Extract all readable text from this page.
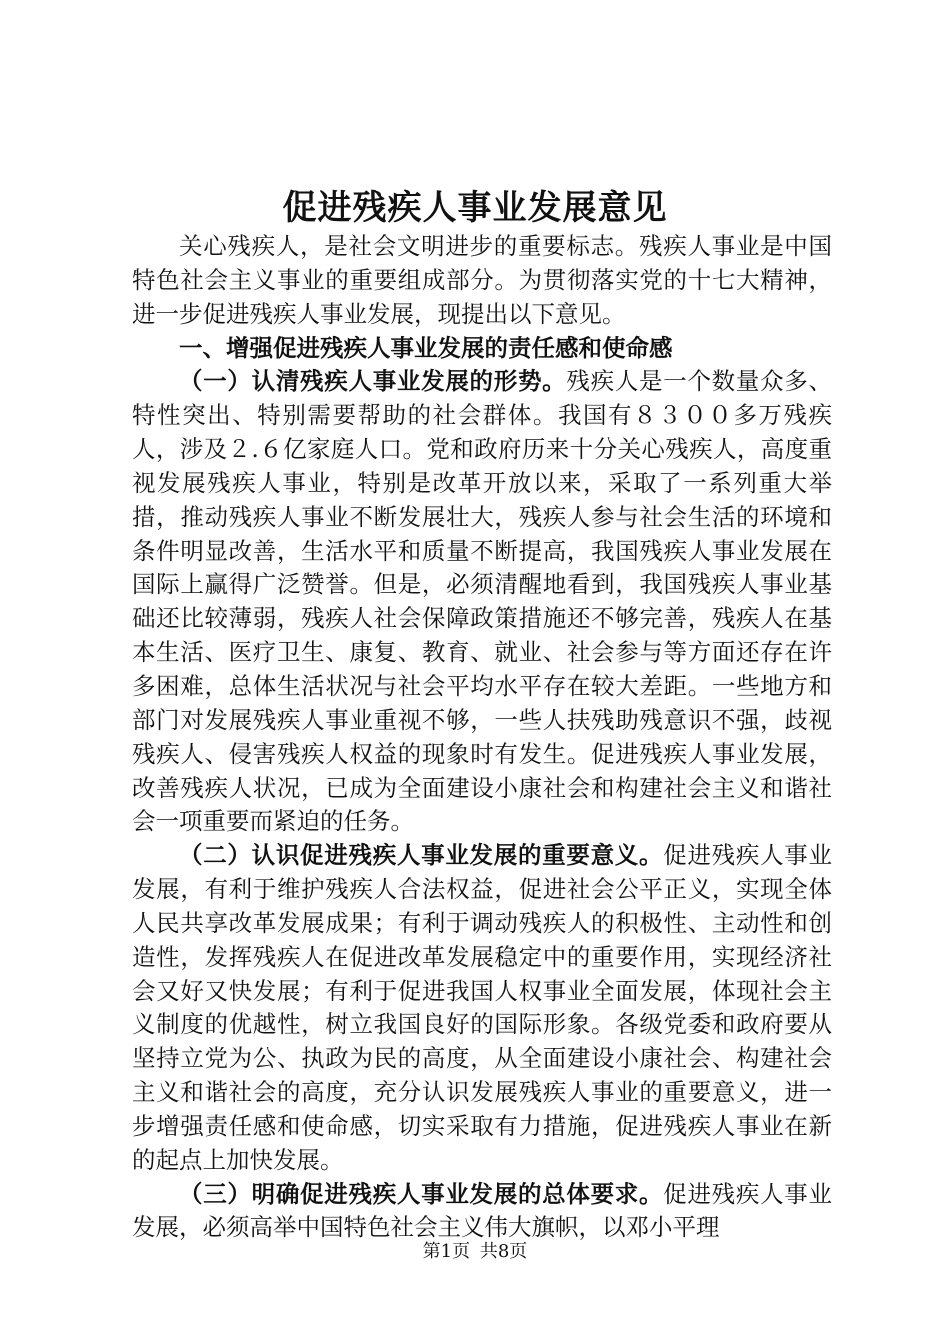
促进残疾人事业发展意见

关心残疾人，是社会文明进步的重要标志。残疾人事业是中国特色社会主义事业的重要组成部分。为贯彻落实党的十七大精神，进一步促进残疾人事业发展，现提出以下意见。

一、增强促进残疾人事业发展的责任感和使命感

（一）认清残疾人事业发展的形势。残疾人是一个数量众多、特性突出、特别需要帮助的社会群体。我国有８３００多万残疾人，涉及２.６亿家庭人口。党和政府历来十分关心残疾人，高度重视发展残疾人事业，特别是改革开放以来，采取了一系列重大举措，推动残疾人事业不断发展壮大，残疾人参与社会生活的环境和条件明显改善，生活水平和质量不断提高，我国残疾人事业发展在国际上赢得广泛赞誉。但是，必须清醒地看到，我国残疾人事业基础还比较薄弱，残疾人社会保障政策措施还不够完善，残疾人在基本生活、医疗卫生、康复、教育、就业、社会参与等方面还存在许多困难，总体生活状况与社会平均水平存在较大差距。一些地方和部门对发展残疾人事业重视不够，一些人扶残助残意识不强，歧视残疾人、侵害残疾人权益的现象时有发生。促进残疾人事业发展，改善残疾人状况，已成为全面建设小康社会和构建社会主义和谐社会一项重要而紧迫的任务。

（二）认识促进残疾人事业发展的重要意义。促进残疾人事业发展，有利于维护残疾人合法权益，促进社会公平正义，实现全体人民共享改革发展成果；有利于调动残疾人的积极性、主动性和创造性，发挥残疾人在促进改革发展稳定中的重要作用，实现经济社会又好又快发展；有利于促进我国人权事业全面发展，体现社会主义制度的优越性，树立我国良好的国际形象。各级党委和政府要从坚持立党为公、执政为民的高度，从全面建设小康社会、构建社会主义和谐社会的高度，充分认识发展残疾人事业的重要意义，进一步增强责任感和使命感，切实采取有力措施，促进残疾人事业在新的起点上加快发展。

（三）明确促进残疾人事业发展的总体要求。促进残疾人事业发展，必须高举中国特色社会主义伟大旗帜，以邓小平理

第1页 共8页
